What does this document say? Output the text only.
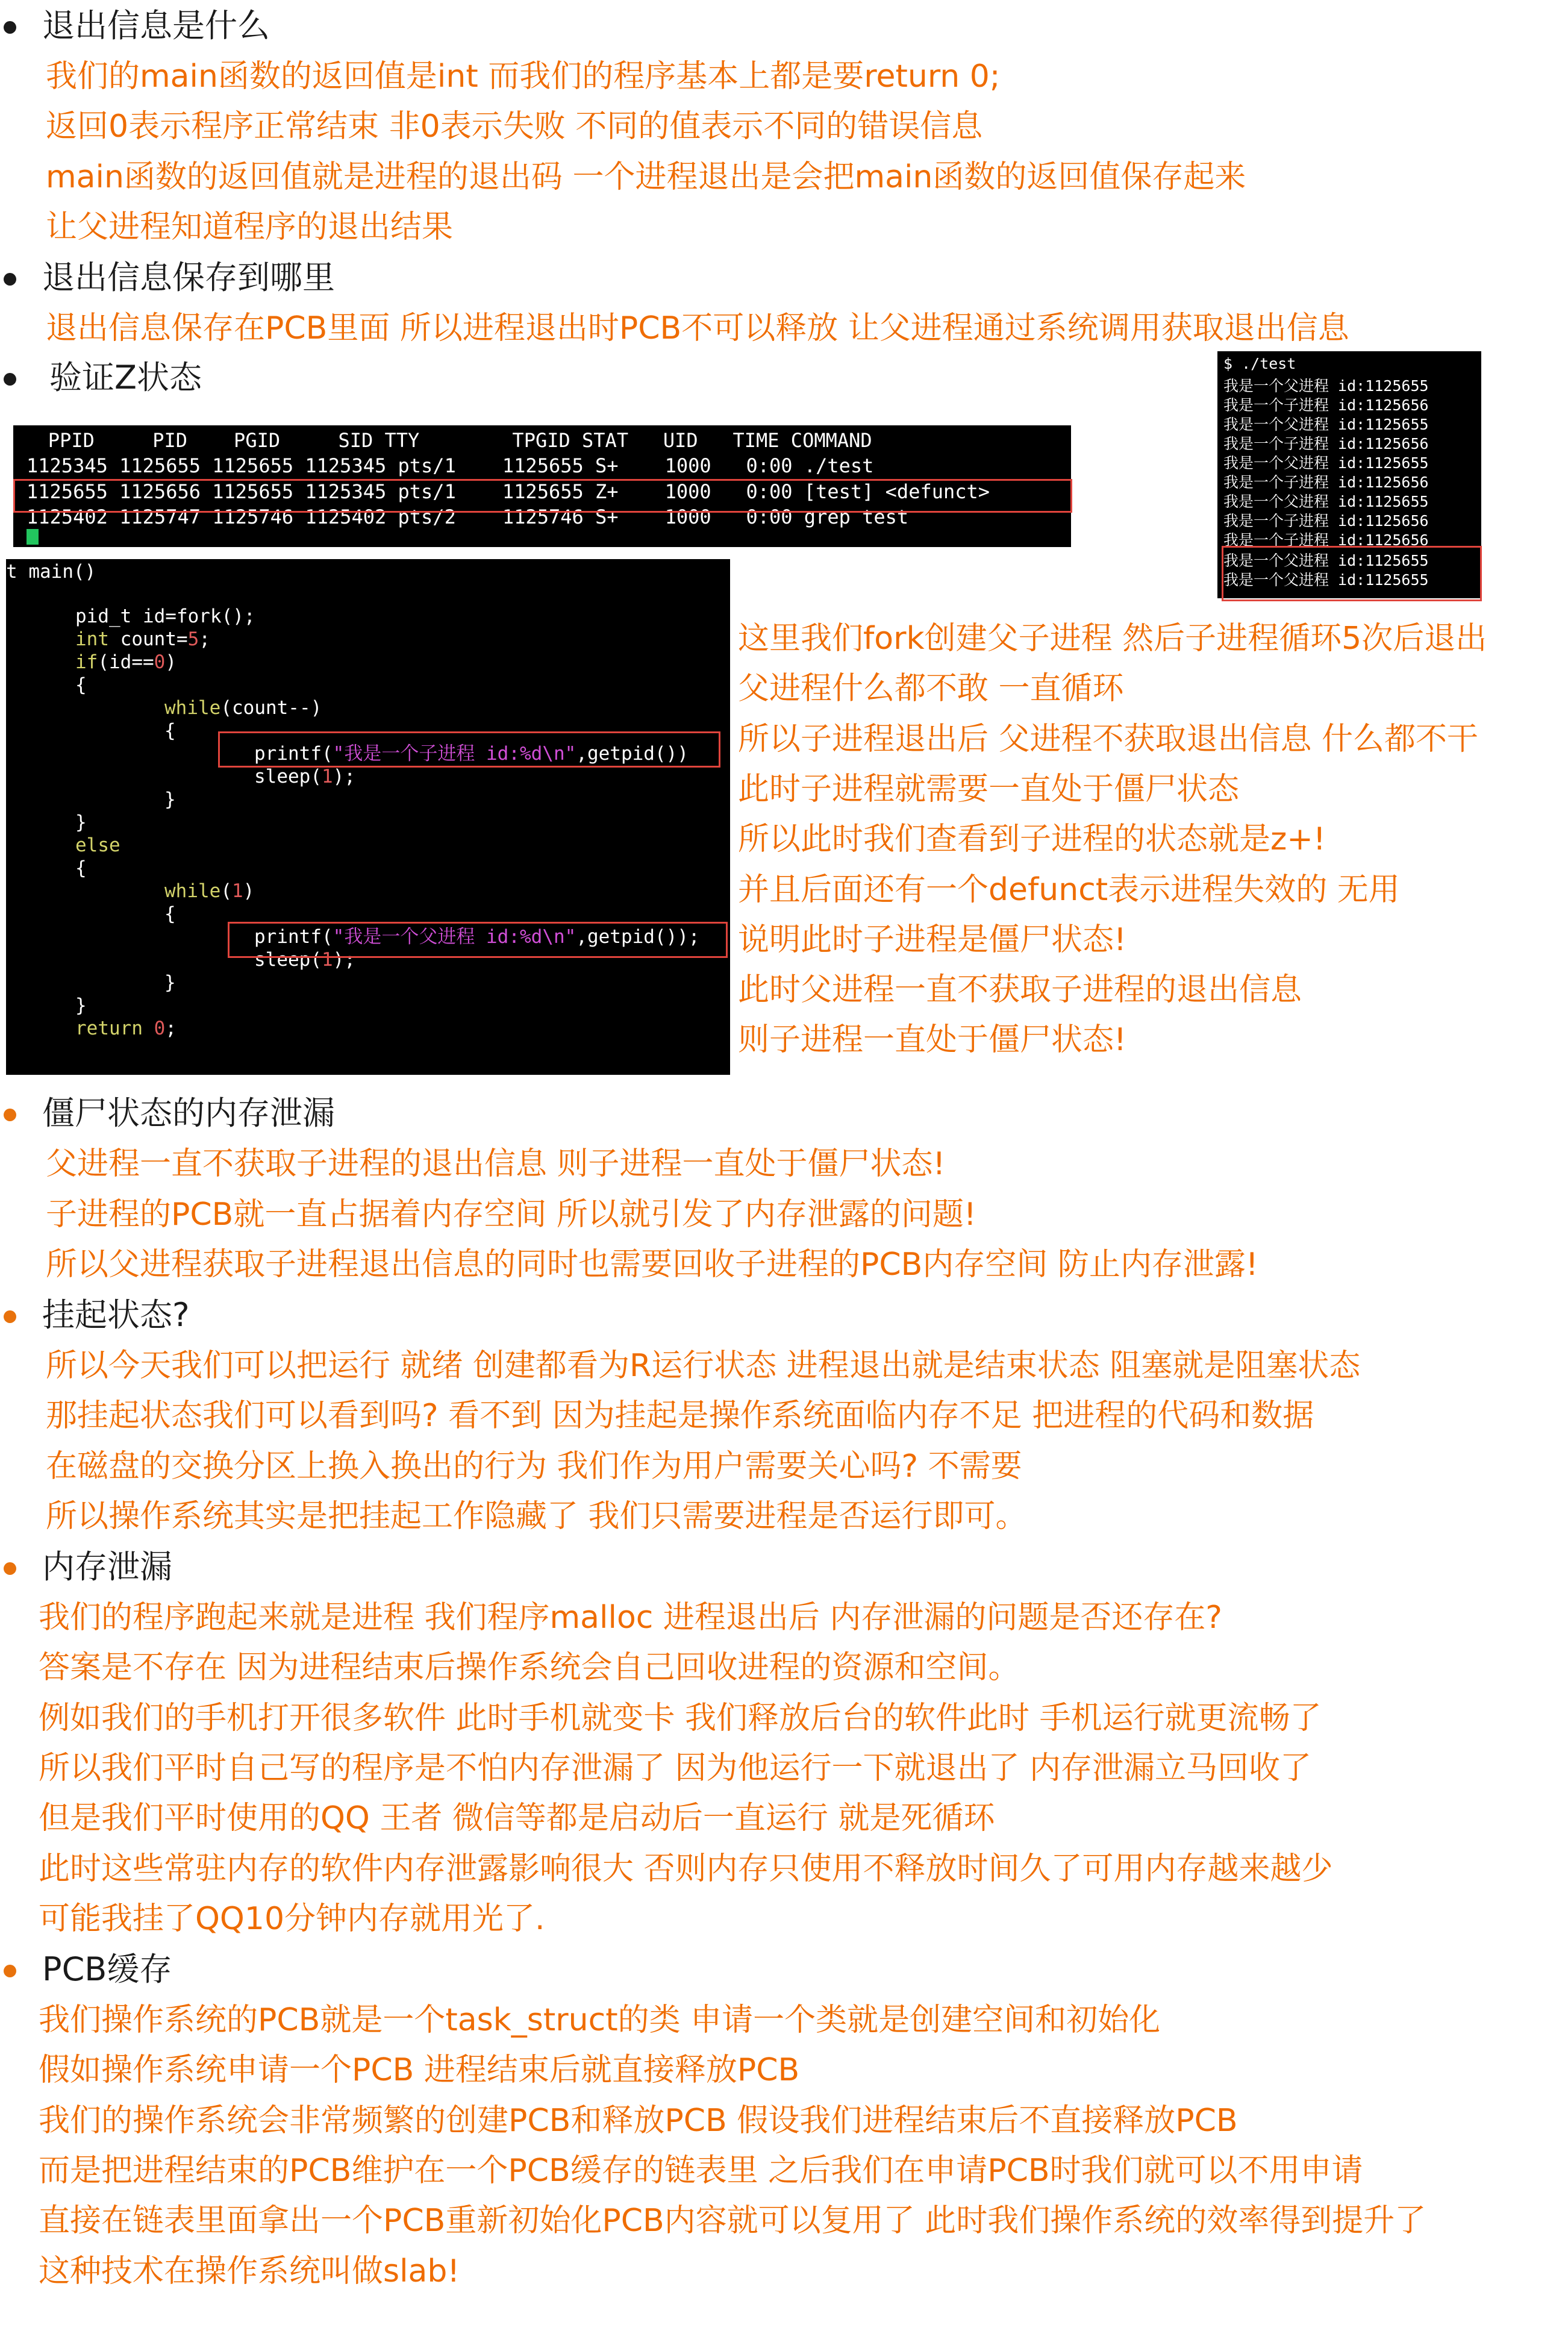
退出信息是什么
我们的main函数的返回值是int 而我们的程序基本上都是要return 0;
返回0表示程序正常结束 非0表示失败 不同的值表示不同的错误信息
main函数的返回值就是进程的退出码 一个进程退出是会把main函数的返回值保存起来
让父进程知道程序的退出结果
退出信息保存到哪里
退出信息保存在PCB里面 所以进程退出时PCB不可以释放 让父进程通过系统调用获取退出信息
验证Z状态

PPID     PID    PGID     SID TTY        TPGID STAT   UID   TIME COMMAND

1125345 1125655 1125655 1125345 pts/1    1125655 S+    1000   0:00 ./test

1125655 1125656 1125655 1125345 pts/1    1125655 Z+    1000   0:00 [test] <defunct>

1125402 1125747 1125746 1125402 pts/2    1125746 S+    1000   0:00 grep test

$ ./test

我是一个父进程 id:1125655

我是一个子进程 id:1125656

我是一个父进程 id:1125655

我是一个子进程 id:1125656

我是一个父进程 id:1125655

我是一个子进程 id:1125656

我是一个父进程 id:1125655

我是一个子进程 id:1125656

我是一个子进程 id:1125656

我是一个父进程 id:1125655

我是一个父进程 id:1125655

t main()

pid_t id=fork();

int count=5;

if(id==0)

{

while(count--)

{

printf("我是一个子进程 id:%d\n",getpid())

sleep(1);

}

}

else

{

while(1)

{

printf("我是一个父进程 id:%d\n",getpid());

sleep(1);

}

}

return 0;

这里我们fork创建父子进程 然后子进程循环5次后退出
父进程什么都不敢 一直循环
所以子进程退出后 父进程不获取退出信息 什么都不干
此时子进程就需要一直处于僵尸状态
所以此时我们查看到子进程的状态就是z+!
并且后面还有一个defunct表示进程失效的 无用
说明此时子进程是僵尸状态!
此时父进程一直不获取子进程的退出信息
则子进程一直处于僵尸状态!
僵尸状态的内存泄漏
父进程一直不获取子进程的退出信息 则子进程一直处于僵尸状态!
子进程的PCB就一直占据着内存空间 所以就引发了内存泄露的问题!
所以父进程获取子进程退出信息的同时也需要回收子进程的PCB内存空间 防止内存泄露!
挂起状态?
所以今天我们可以把运行 就绪 创建都看为R运行状态 进程退出就是结束状态 阻塞就是阻塞状态
那挂起状态我们可以看到吗? 看不到 因为挂起是操作系统面临内存不足 把进程的代码和数据
在磁盘的交换分区上换入换出的行为 我们作为用户需要关心吗? 不需要
所以操作系统其实是把挂起工作隐藏了 我们只需要进程是否运行即可。
内存泄漏
我们的程序跑起来就是进程 我们程序malloc 进程退出后 内存泄漏的问题是否还存在?
答案是不存在 因为进程结束后操作系统会自己回收进程的资源和空间。
例如我们的手机打开很多软件 此时手机就变卡 我们释放后台的软件此时 手机运行就更流畅了
所以我们平时自己写的程序是不怕内存泄漏了 因为他运行一下就退出了 内存泄漏立马回收了
但是我们平时使用的QQ 王者 微信等都是启动后一直运行 就是死循环
此时这些常驻内存的软件内存泄露影响很大 否则内存只使用不释放时间久了可用内存越来越少
可能我挂了QQ10分钟内存就用光了.
PCB缓存
我们操作系统的PCB就是一个task_struct的类 申请一个类就是创建空间和初始化
假如操作系统申请一个PCB 进程结束后就直接释放PCB
我们的操作系统会非常频繁的创建PCB和释放PCB 假设我们进程结束后不直接释放PCB
而是把进程结束的PCB维护在一个PCB缓存的链表里 之后我们在申请PCB时我们就可以不用申请
直接在链表里面拿出一个PCB重新初始化PCB内容就可以复用了 此时我们操作系统的效率得到提升了
这种技术在操作系统叫做slab!
